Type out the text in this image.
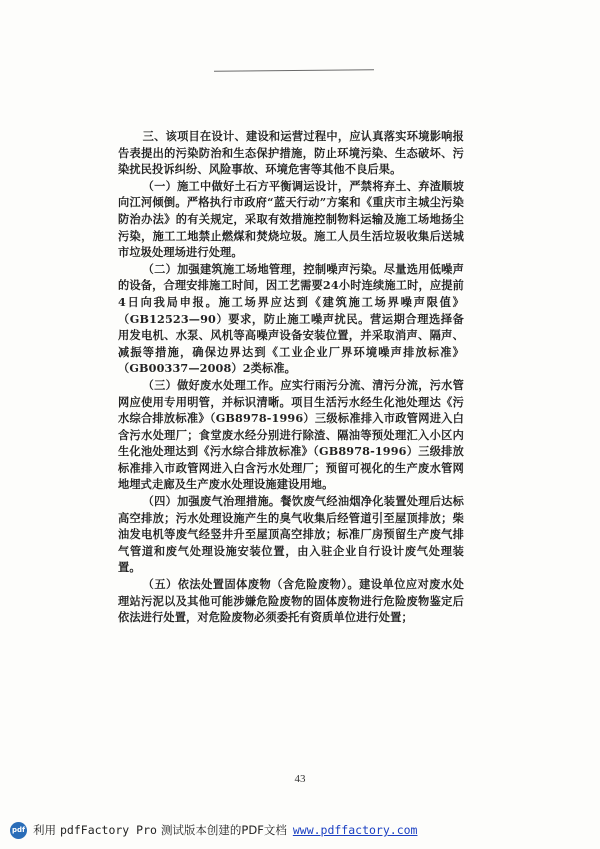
三、该项目在设计、建设和运营过程中，应认真落实环境影响报告表提出的污染防治和生态保护措施，防止环境污染、生态破坏、污染扰民投诉纠纷、风险事故、环境危害等其他不良后果。

（一）施工中做好土石方平衡调运设计，严禁将弃土、弃渣顺坡向江河倾倒。严格执行市政府“蓝天行动”方案和《重庆市主城尘污染防治办法》的有关规定，采取有效措施控制物料运输及施工场地扬尘污染，施工工地禁止燃煤和焚烧垃圾。施工人员生活垃圾收集后送城市垃圾处理场进行处理。

（二）加强建筑施工场地管理，控制噪声污染。尽量选用低噪声的设备，合理安排施工时间，因工艺需要24小时连续施工时，应提前4日向我局申报。施工场界应达到《建筑施工场界噪声限值》（GB12523—90）要求，防止施工噪声扰民。营运期合理选择备用发电机、水泵、风机等高噪声设备安装位置，并采取消声、隔声、减振等措施，确保边界达到《工业企业厂界环境噪声排放标准》（GB00337—2008）2类标准。

（三）做好废水处理工作。应实行雨污分流、清污分流，污水管网应使用专用明管，并标识清晰。项目生活污水经生化池处理达《污水综合排放标准》（GB8978-1996）三级标准排入市政管网进入白含污水处理厂；食堂废水经分别进行除渣、隔油等预处理汇入小区内生化池处理达到《污水综合排放标准》（GB8978-1996）三级排放标准排入市政管网进入白含污水处理厂；预留可视化的生产废水管网地埋式走廊及生产废水处理设施建设用地。

（四）加强废气治理措施。餐饮废气经油烟净化装置处理后达标高空排放；污水处理设施产生的臭气收集后经管道引至屋顶排放；柴油发电机等废气经竖井升至屋顶高空排放；标准厂房预留生产废气排气管道和废气处理设施安装位置，由入驻企业自行设计废气处理装置。

（五）依法处置固体废物（含危险废物）。建设单位应对废水处理站污泥以及其他可能涉嫌危险废物的固体废物进行危险废物鉴定后依法进行处置，对危险废物必须委托有资质单位进行处置；

43
pdf 利用 pdfFactory Pro 测试版本创建的PDF文档 www.pdffactory.com
